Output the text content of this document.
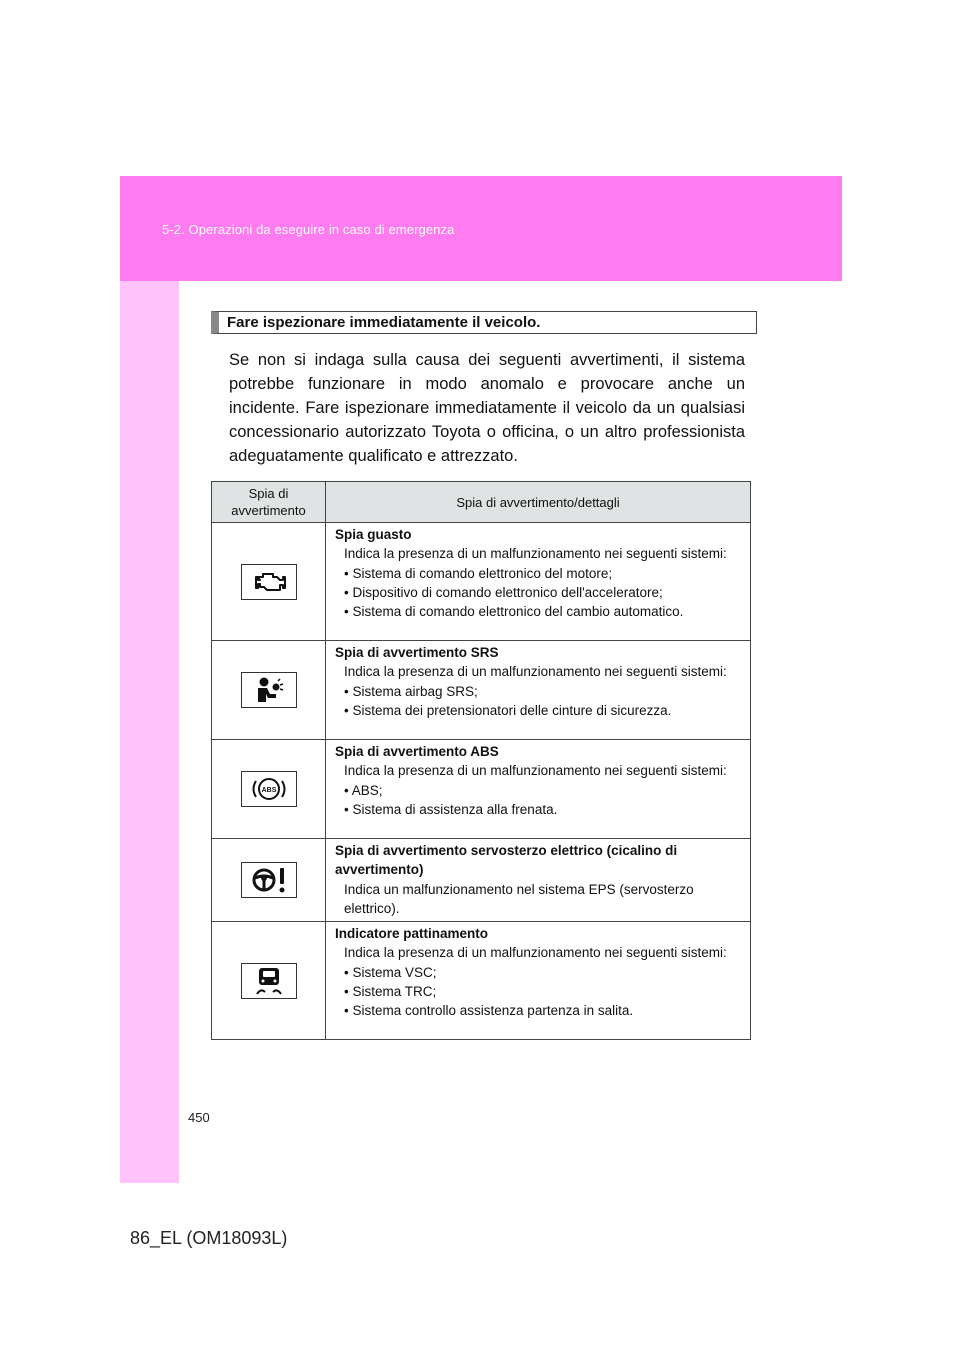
5-2. Operazioni da eseguire in caso di emergenza
Fare ispezionare immediatamente il veicolo.
Se non si indaga sulla causa dei seguenti avvertimenti, il sistema potrebbe funzionare in modo anomalo e provocare anche un incidente. Fare ispezionare immediatamente il veicolo da un qualsiasi concessionario autorizzato Toyota o officina, o un altro professionista adeguatamente qualificato e attrezzato.
Spia di avvertimento	Spia di avvertimento/dettagli

Spia guasto
Indica la presenza di un malfunzionamento nei seguenti sistemi:
• Sistema di comando elettronico del motore;
• Dispositivo di comando elettronico dell'acceleratore;
• Sistema di comando elettronico del cambio automatico.

Spia di avvertimento SRS
Indica la presenza di un malfunzionamento nei seguenti sistemi:
• Sistema airbag SRS;
• Sistema dei pretensionatori delle cinture di sicurezza.

ABS	Spia di avvertimento ABS
Indica la presenza di un malfunzionamento nei seguenti sistemi:
• ABS;
• Sistema di assistenza alla frenata.

Spia di avvertimento servosterzo elettrico (cicalino di avvertimento)
Indica un malfunzionamento nel sistema EPS (servosterzo elettrico).

Indicatore pattinamento
Indica la presenza di un malfunzionamento nei seguenti sistemi:
• Sistema VSC;
• Sistema TRC;
• Sistema controllo assistenza partenza in salita.
450
86_EL (OM18093L)
